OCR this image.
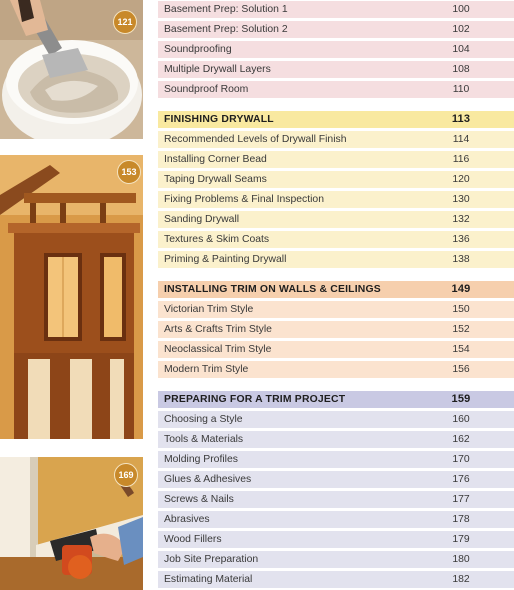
121
153
169
Basement Prep: Solution 1	100
Basement Prep: Solution 2	102
Soundproofing	104
Multiple Drywall Layers	108
Soundproof Room	110
FINISHING DRYWALL	113
Recommended Levels of Drywall Finish	114
Installing Corner Bead	116
Taping Drywall Seams	120
Fixing Problems & Final Inspection	130
Sanding Drywall	132
Textures & Skim Coats	136
Priming & Painting Drywall	138
INSTALLING TRIM ON WALLS & CEILINGS	149
Victorian Trim Style	150
Arts & Crafts Trim Style	152
Neoclassical Trim Style	154
Modern Trim Style	156
PREPARING FOR A TRIM PROJECT	159
Choosing a Style	160
Tools & Materials	162
Molding Profiles	170
Glues & Adhesives	176
Screws & Nails	177
Abrasives	178
Wood Fillers	179
Job Site Preparation	180
Estimating Material	182
